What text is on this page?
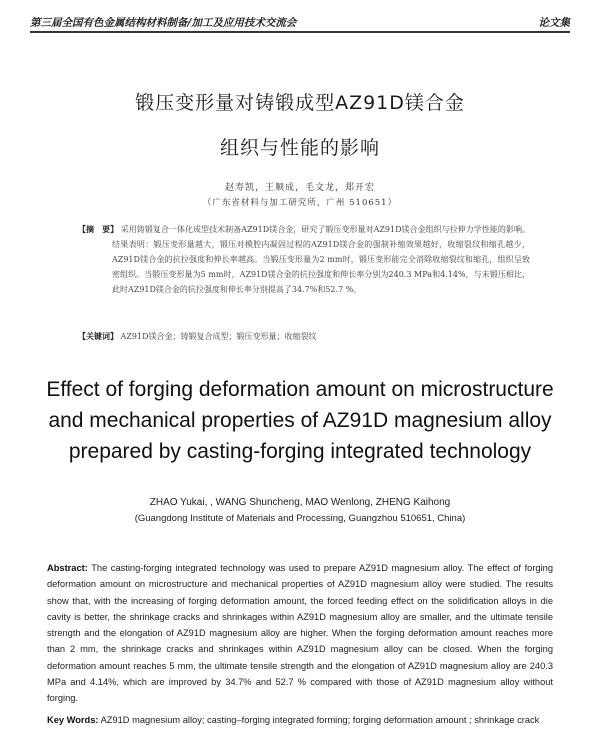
第三届全国有色金属结构材料制备/加工及应用技术交流会	论文集
锻压变形量对铸锻成型AZ91D镁合金
组织与性能的影响
赵寿凯，王顺成，毛文龙，郑开宏
（广东省材料与加工研究所，广州 510651）
【摘　要】 采用铸锻复合一体化成型技术制备AZ91D镁合金，研究了锻压变形量对AZ91D镁合金组织与拉伸力学性能的影响。结果表明：锻压变形量越大，锻压对模腔内凝固过程的AZ91D镁合金的强制补缩效果越好，收缩裂纹和缩孔越少，AZ91D镁合金的抗拉强度和伸长率越高。当锻压变形量为2 mm时，锻压变形能完全消除收缩裂纹和缩孔，组织呈致密组织。当锻压变形量为5 mm时，AZ91D镁合金的抗拉强度和伸长率分别为240.3 MPa和4.14%，与未锻压相比，此时AZ91D镁合金的抗拉强度和伸长率分别提高了34.7%和52.7 %。
【关键词】 AZ91D镁合金；铸锻复合成型；锻压变形量；收缩裂纹
Effect of forging deformation amount on microstructure and mechanical properties of AZ91D magnesium alloy prepared by casting-forging integrated technology
ZHAO Yukai, , WANG Shuncheng, MAO Wenlong, ZHENG Kaihong
(Guangdong Institute of Materials and Processing, Guangzhou 510651, China)
Abstract: The casting-forging integrated technology was used to prepare AZ91D magnesium alloy. The effect of forging deformation amount on microstructure and mechanical properties of AZ91D magnesium alloy were studied. The results show that, with the increasing of forging deformation amount, the forced feeding effect on the solidification alloys in die cavity is better, the shrinkage cracks and shrinkages within AZ91D magnesium alloy are smaller, and the ultimate tensile strength and the elongation of AZ91D magnesium alloy are higher. When the forging deformation amount reaches more than 2 mm, the shrinkage cracks and shrinkages within AZ91D magnesium alloy can be closed. When the forging deformation amount reaches 5 mm, the ultimate tensile strength and the elongation of AZ91D magnesium alloy are 240.3 MPa and 4.14%, which are improved by 34.7% and 52.7 % compared with those of AZ91D magnesium alloy without forging.
Key Words: AZ91D magnesium alloy; casting–forging integrated forming; forging deformation amount ; shrinkage crack
